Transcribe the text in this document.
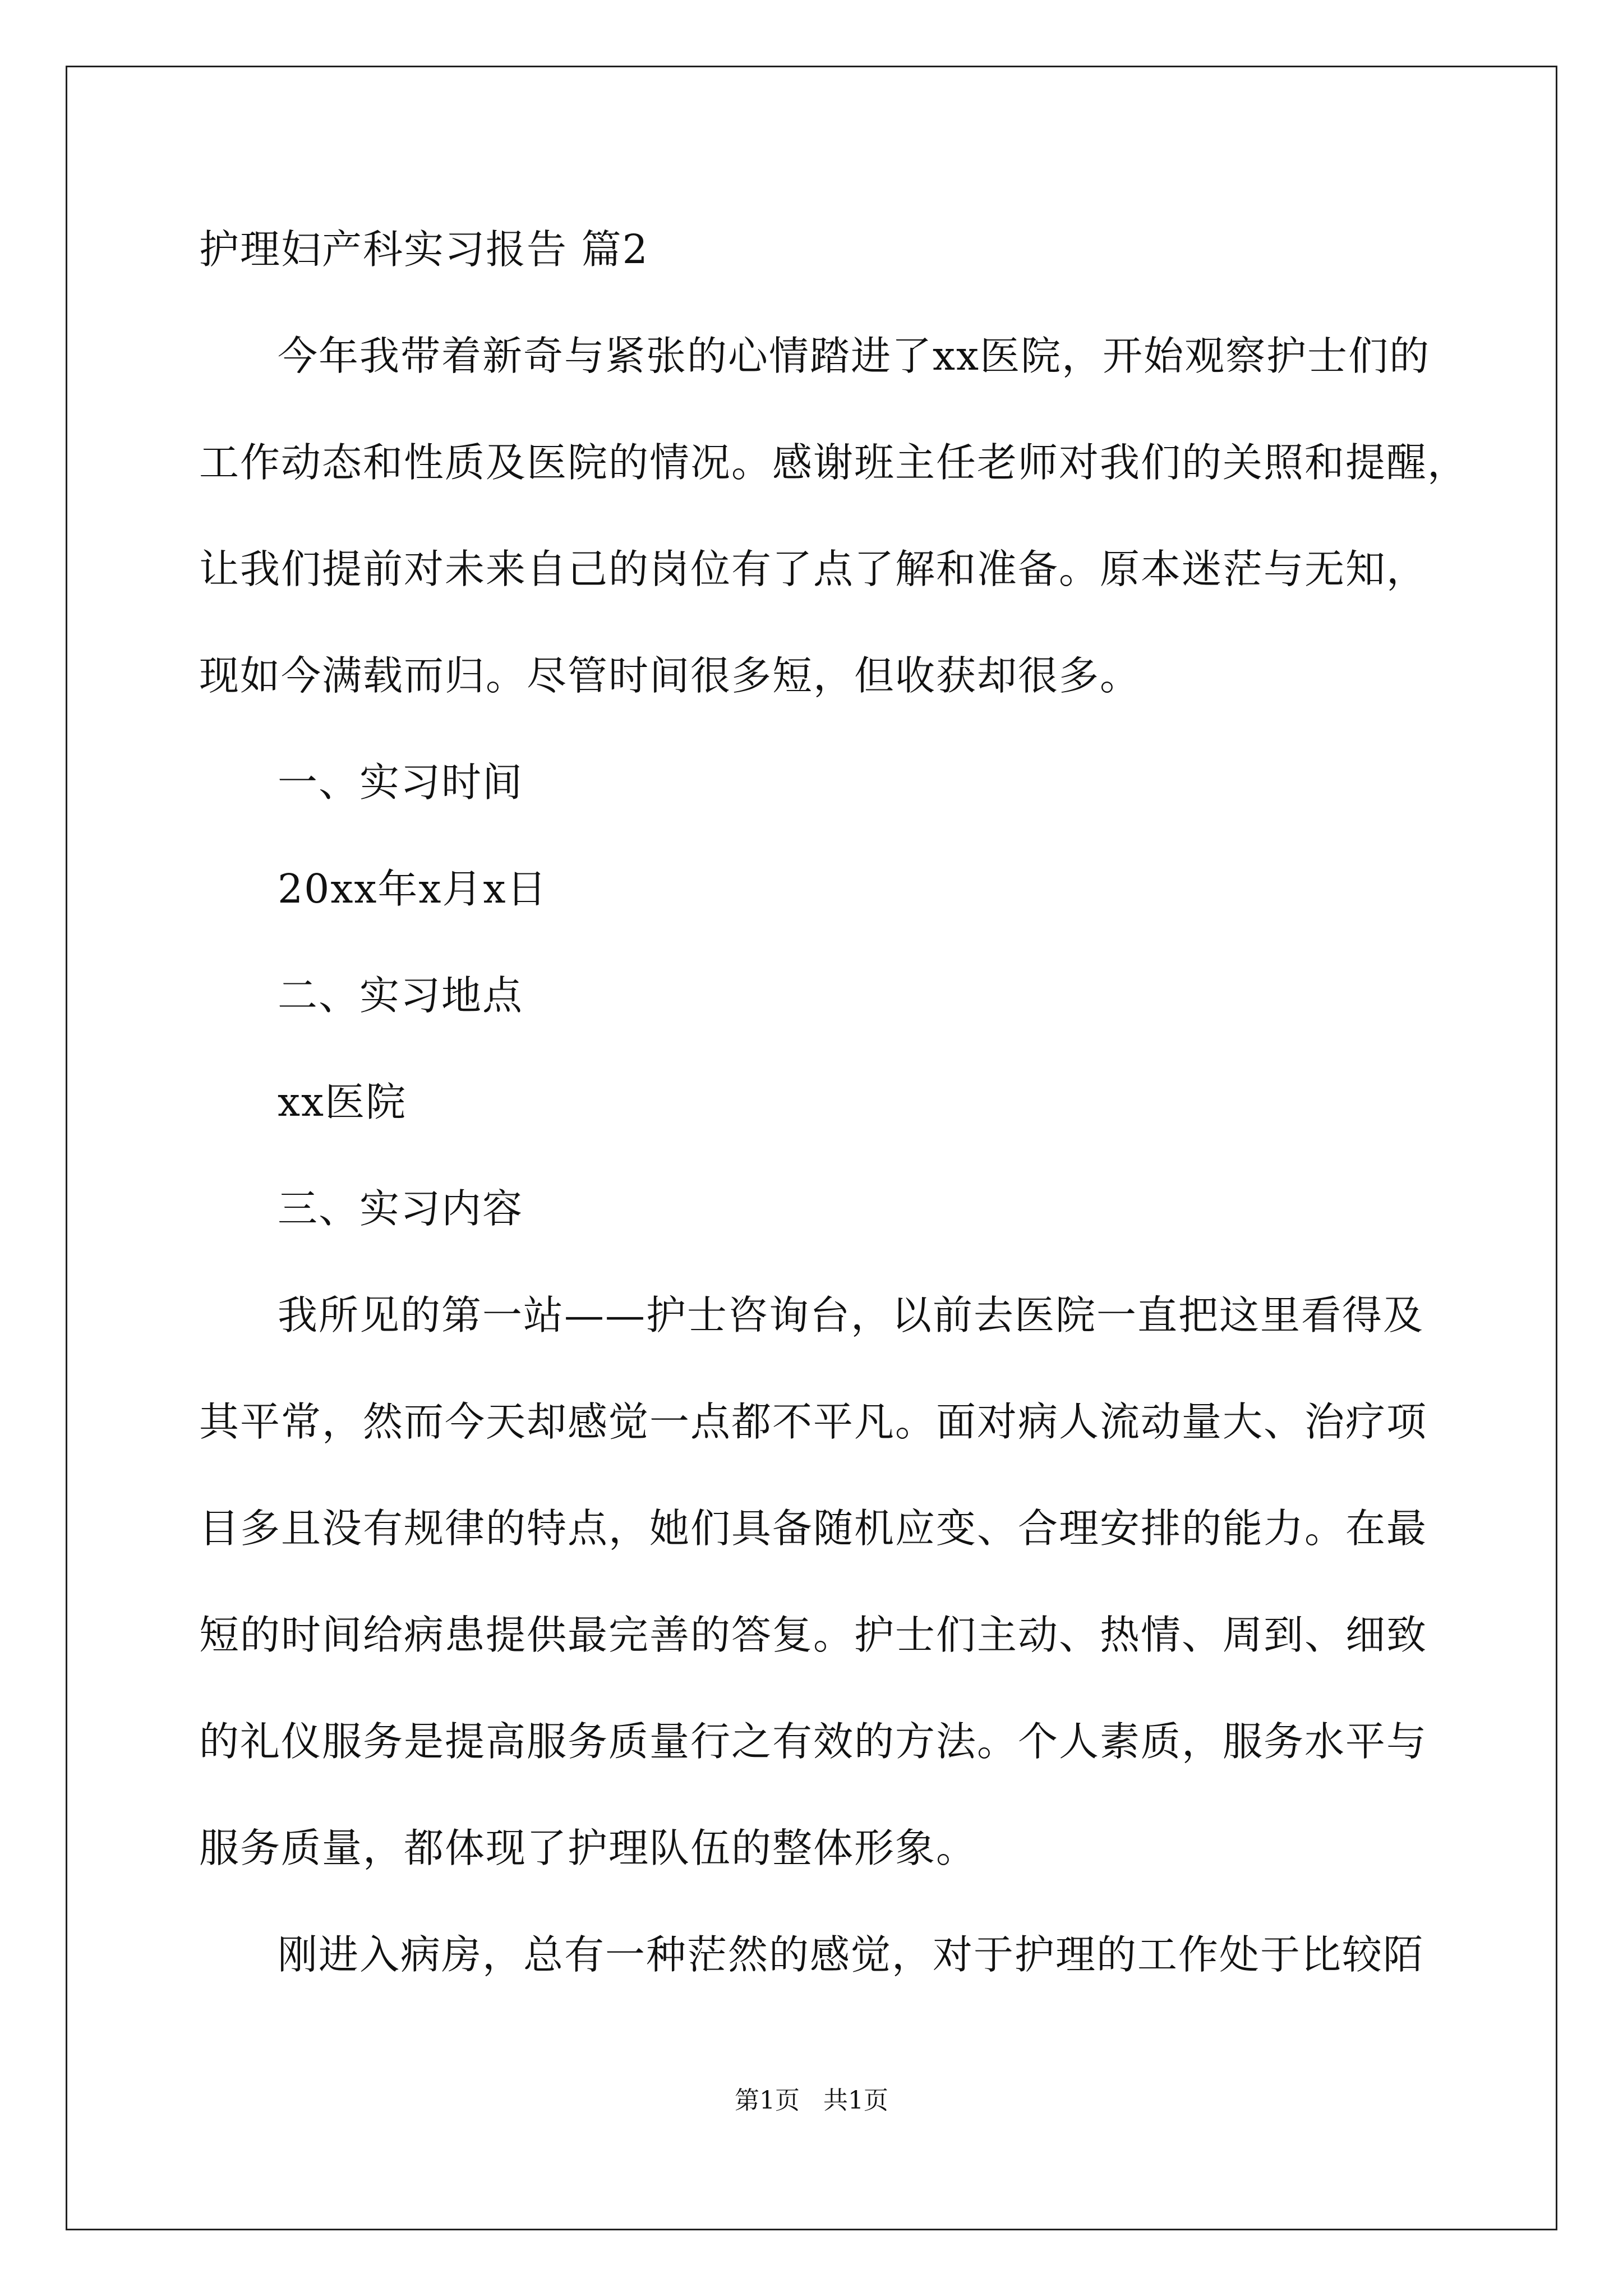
护理妇产科实习报告 篇2
今年我带着新奇与紧张的心情踏进了xx医院，开始观察护士们的
工作动态和性质及医院的情况。感谢班主任老师对我们的关照和提醒，
让我们提前对未来自己的岗位有了点了解和准备。原本迷茫与无知，
现如今满载而归。尽管时间很多短，但收获却很多。
一、实习时间
20xx年x月x日
二、实习地点
xx医院
三、实习内容
我所见的第一站——护士咨询台，以前去医院一直把这里看得及
其平常，然而今天却感觉一点都不平凡。面对病人流动量大、治疗项
目多且没有规律的特点，她们具备随机应变、合理安排的能力。在最
短的时间给病患提供最完善的答复。护士们主动、热情、周到、细致
的礼仪服务是提高服务质量行之有效的方法。个人素质，服务水平与
服务质量，都体现了护理队伍的整体形象。
刚进入病房，总有一种茫然的感觉，对于护理的工作处于比较陌
第1页   共1页
